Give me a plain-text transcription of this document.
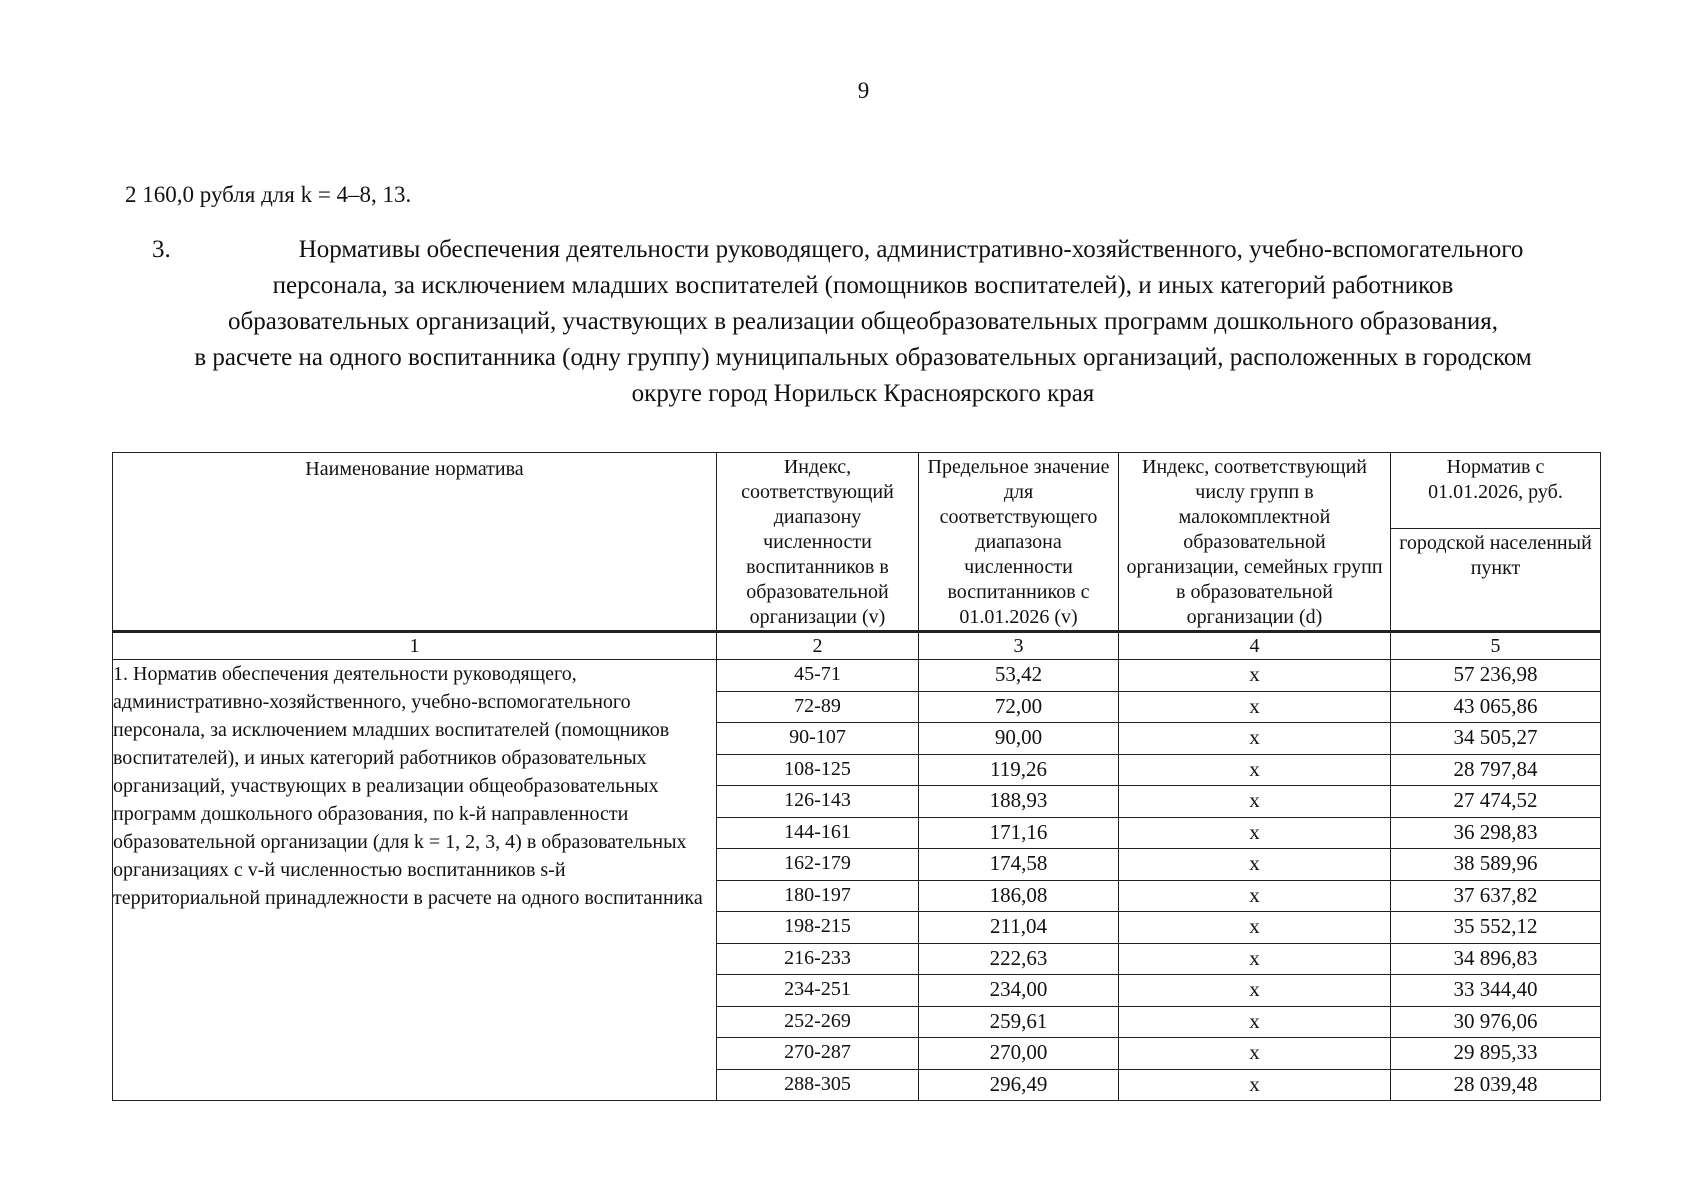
9
2 160,0 рубля для k = 4–8, 13.
3.	Нормативы обеспечения деятельности руководящего, административно-хозяйственного, учебно-вспомогательного
персонала, за исключением младших воспитателей (помощников воспитателей), и иных категорий работников
образовательных организаций, участвующих в реализации общеобразовательных программ дошкольного образования,
в расчете на одного воспитанника (одну группу) муниципальных образовательных организаций, расположенных в городском
округе город Норильск Красноярского края
Наименование норматива	Индекс, соответствующий диапазону численности воспитанников в образовательной организации (v)	Предельное значение для соответствующего диапазона численности воспитанников с 01.01.2026 (v)	Индекс, соответствующий числу групп в малокомплектной образовательной организации, семейных групп в образовательной организации (d)	Норматив с 01.01.2026, руб.
				городской населенный пункт
1	2	3	4	5
1. Норматив обеспечения деятельности руководящего, административно-хозяйственного, учебно-вспомогательного персонала, за исключением младших воспитателей (помощников воспитателей), и иных категорий работников образовательных организаций, участвующих в реализации общеобразовательных программ дошкольного образования, по k-й направленности образовательной организации (для k = 1, 2, 3, 4) в образовательных организациях с v-й численностью воспитанников s-й территориальной принадлежности в расчете на одного воспитанника	45-71	53,42	х	57 236,98
	72-89	72,00	х	43 065,86
	90-107	90,00	х	34 505,27
	108-125	119,26	х	28 797,84
	126-143	188,93	х	27 474,52
	144-161	171,16	х	36 298,83
	162-179	174,58	х	38 589,96
	180-197	186,08	х	37 637,82
	198-215	211,04	х	35 552,12
	216-233	222,63	х	34 896,83
	234-251	234,00	х	33 344,40
	252-269	259,61	х	30 976,06
	270-287	270,00	х	29 895,33
	288-305	296,49	х	28 039,48
